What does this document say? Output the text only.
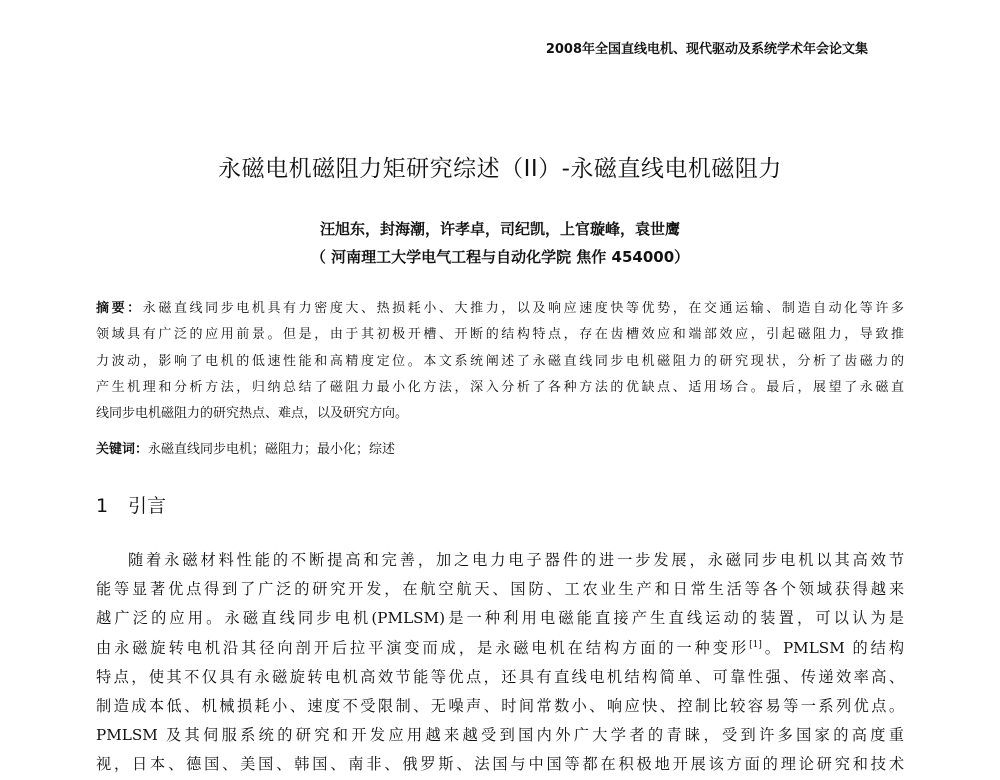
2008年全国直线电机、现代驱动及系统学术年会论文集
永磁电机磁阻力矩研究综述（II）-永磁直线电机磁阻力
汪旭东，封海潮，许孝卓，司纪凯，上官璇峰，袁世鹰
（ 河南理工大学电气工程与自动化学院 焦作 454000）
摘要：永磁直线同步电机具有力密度大、热损耗小、大推力，以及响应速度快等优势，在交通运输、制造自动化等许多
领域具有广泛的应用前景。但是，由于其初极开槽、开断的结构特点，存在齿槽效应和端部效应，引起磁阻力，导致推
力波动，影响了电机的低速性能和高精度定位。本文系统阐述了永磁直线同步电机磁阻力的研究现状，分析了齿磁力的
产生机理和分析方法，归纳总结了磁阻力最小化方法，深入分析了各种方法的优缺点、适用场合。最后，展望了永磁直
线同步电机磁阻力的研究热点、难点，以及研究方向。
关键词：永磁直线同步电机；磁阻力；最小化；综述
1 引言
随着永磁材料性能的不断提高和完善，加之电力电子器件的进一步发展，永磁同步电机以其高效节
能等显著优点得到了广泛的研究开发，在航空航天、国防、工农业生产和日常生活等各个领域获得越来
越广泛的应用。永磁直线同步电机(PMLSM)是一种利用电磁能直接产生直线运动的装置，可以认为是
由永磁旋转电机沿其径向剖开后拉平演变而成，是永磁电机在结构方面的一种变形[1]。PMLSM 的结构
特点，使其不仅具有永磁旋转电机高效节能等优点，还具有直线电机结构简单、可靠性强、传递效率高、
制造成本低、机械损耗小、速度不受限制、无噪声、时间常数小、响应快、控制比较容易等一系列优点。
PMLSM 及其伺服系统的研究和开发应用越来越受到国内外广大学者的青睐，受到许多国家的高度重
视，日本、德国、美国、韩国、南非、俄罗斯、法国与中国等都在积极地开展该方面的理论研究和技术
